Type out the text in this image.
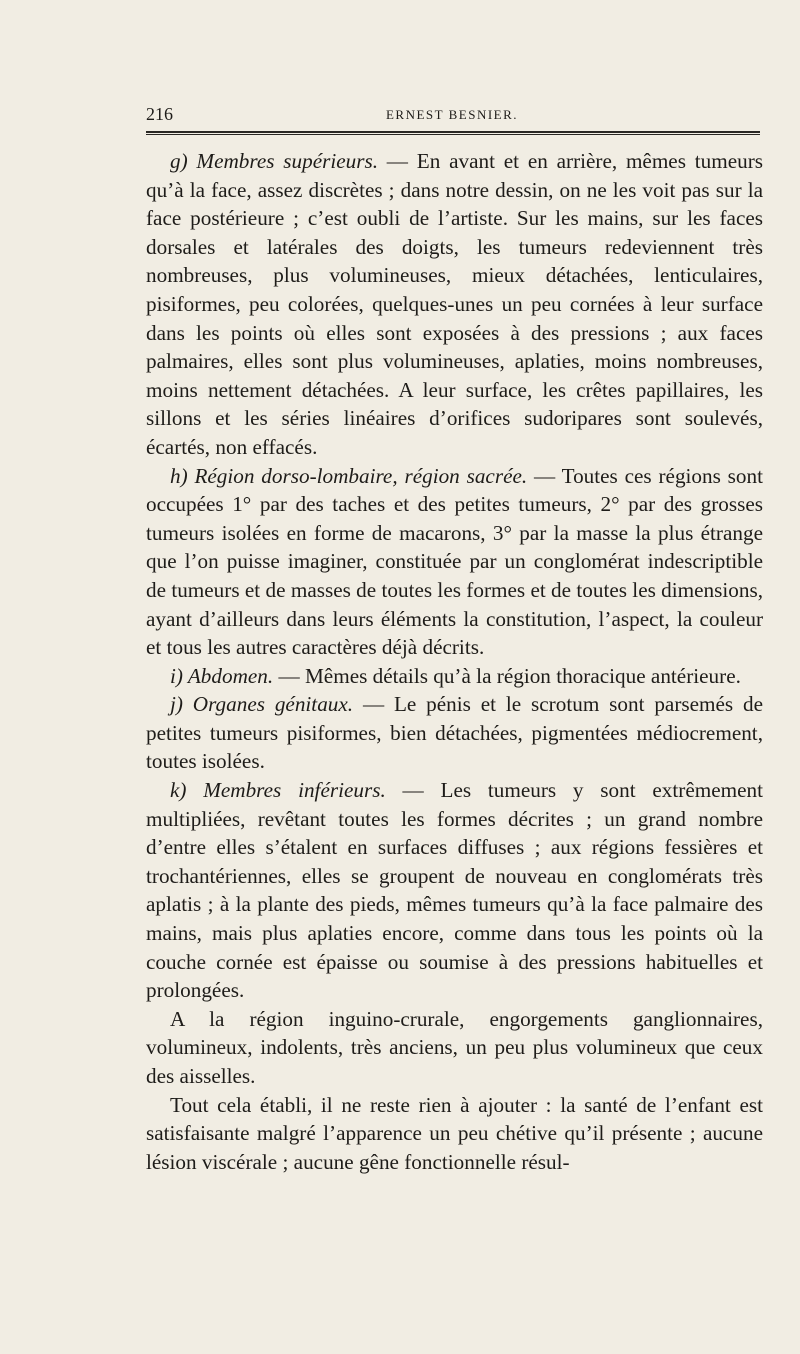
216	ERNEST BESNIER.

g) Membres supérieurs. — En avant et en arrière, mêmes tumeurs qu’à la face, assez discrètes ; dans notre dessin, on ne les voit pas sur la face postérieure ; c’est oubli de l’artiste. Sur les mains, sur les faces dorsales et latérales des doigts, les tumeurs redeviennent très nombreuses, plus volumineuses, mieux détachées, lenticulaires, pisiformes, peu colorées, quelques-unes un peu cornées à leur surface dans les points où elles sont exposées à des pressions ; aux faces palmaires, elles sont plus volumineuses, aplaties, moins nombreuses, moins nettement détachées. A leur surface, les crêtes papillaires, les sillons et les séries linéaires d’orifices sudoripares sont soulevés, écartés, non effacés.

h) Région dorso-lombaire, région sacrée. — Toutes ces régions sont occupées 1° par des taches et des petites tumeurs, 2° par des grosses tumeurs isolées en forme de macarons, 3° par la masse la plus étrange que l’on puisse imaginer, constituée par un conglomérat indescriptible de tumeurs et de masses de toutes les formes et de toutes les dimensions, ayant d’ailleurs dans leurs éléments la constitution, l’aspect, la couleur et tous les autres caractères déjà décrits.

i) Abdomen. — Mêmes détails qu’à la région thoracique antérieure.

j) Organes génitaux. — Le pénis et le scrotum sont parsemés de petites tumeurs pisiformes, bien détachées, pigmentées médiocrement, toutes isolées.

k) Membres inférieurs. — Les tumeurs y sont extrêmement multipliées, revêtant toutes les formes décrites ; un grand nombre d’entre elles s’étalent en surfaces diffuses ; aux régions fessières et trochantériennes, elles se groupent de nouveau en conglomérats très aplatis ; à la plante des pieds, mêmes tumeurs qu’à la face palmaire des mains, mais plus aplaties encore, comme dans tous les points où la couche cornée est épaisse ou soumise à des pressions habituelles et prolongées.

A la région inguino-crurale, engorgements ganglionnaires, volumineux, indolents, très anciens, un peu plus volumineux que ceux des aisselles.

Tout cela établi, il ne reste rien à ajouter : la santé de l’enfant est satisfaisante malgré l’apparence un peu chétive qu’il présente ; aucune lésion viscérale ; aucune gêne fonctionnelle résul-
